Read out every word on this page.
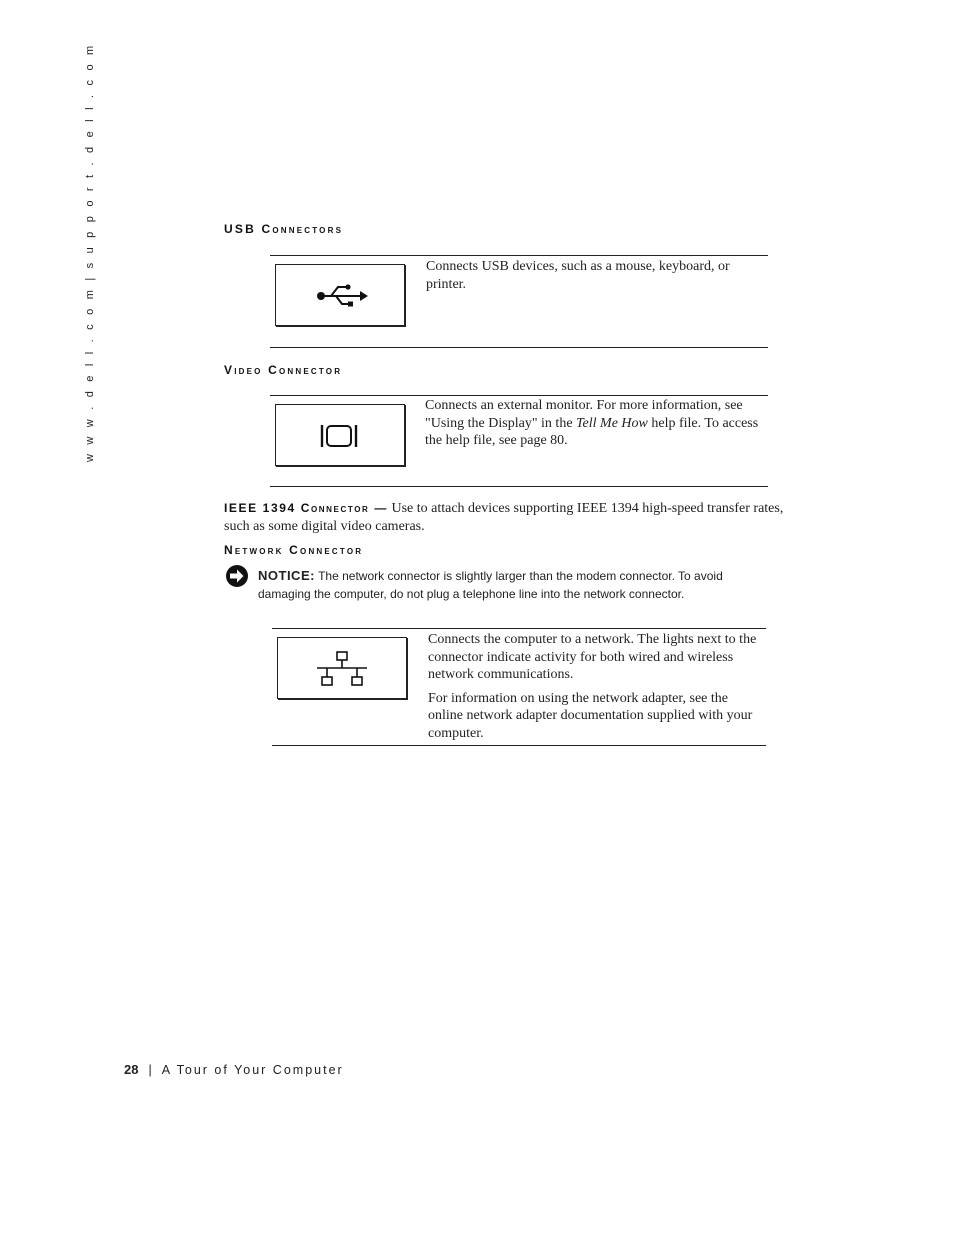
w w w . d e l l . c o m | s u p p o r t . d e l l . c o m	USB Connectors
Connects USB devices, such as a mouse, keyboard, or printer.
Video Connector
Connects an external monitor. For more information, see "Using the Display" in the Tell Me How help file. To access the help file, see page 80.
IEEE 1394 Connector — Use to attach devices supporting IEEE 1394 high-speed transfer rates, such as some digital video cameras.
Network Connector
NOTICE: The network connector is slightly larger than the modem connector. To avoid damaging the computer, do not plug a telephone line into the network connector.

Connects the computer to a network. The lights next to the connector indicate activity for both wired and wireless network communications.

For information on using the network adapter, see the online network adapter documentation supplied with your computer.

28 | A Tour of Your Computer
